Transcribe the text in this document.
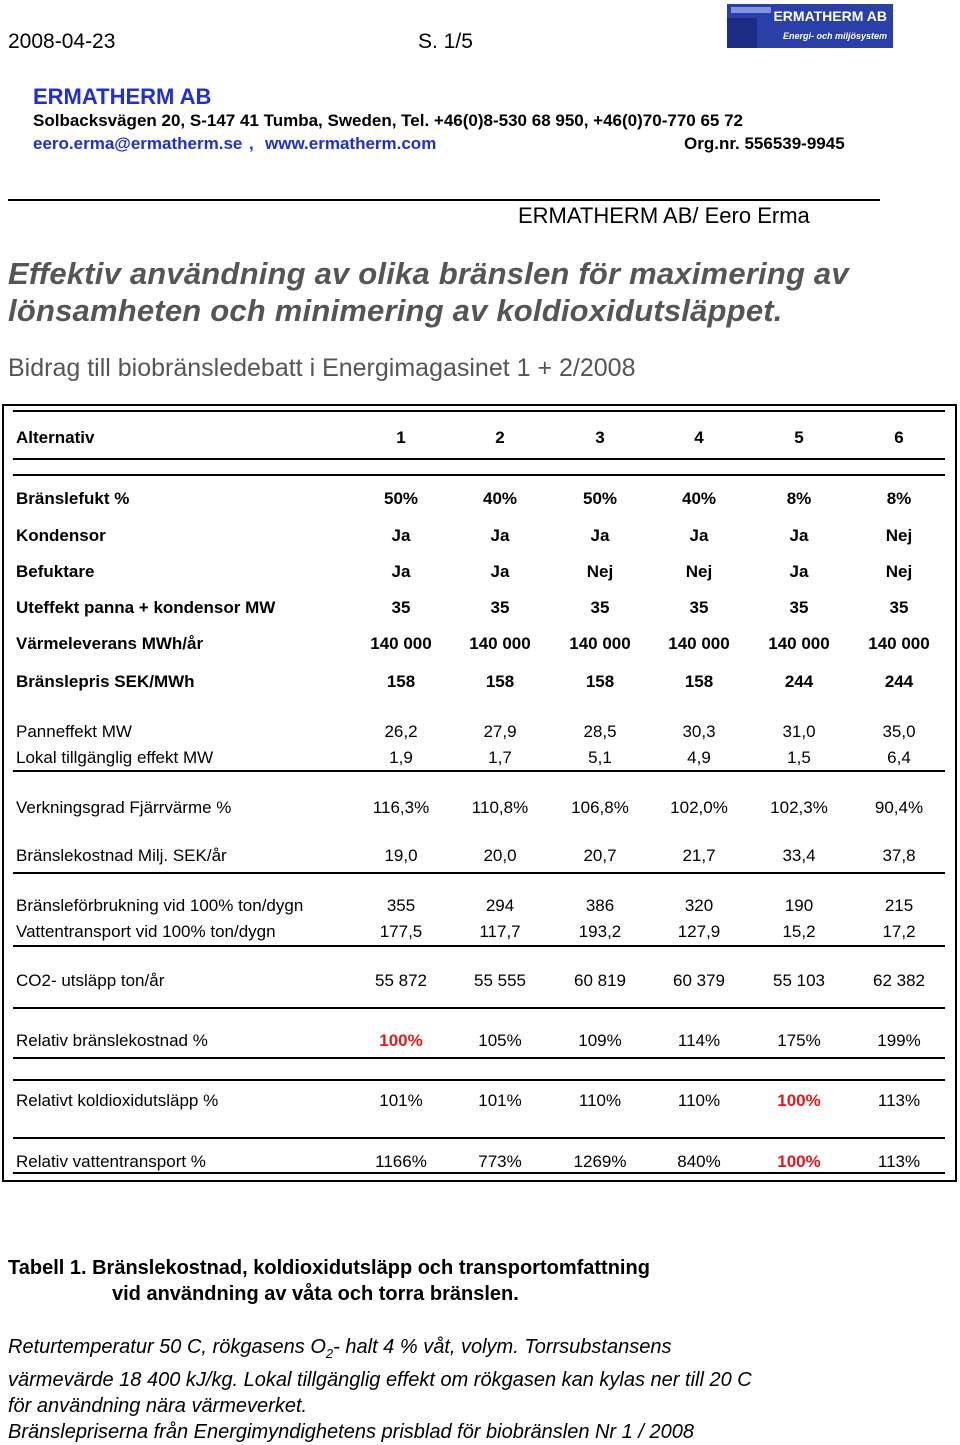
2008-04-23	S. 1/5
ERMATHERM AB
Energi- och miljösystem
ERMATHERM AB
Solbacksvägen 20, S-147 41 Tumba, Sweden, Tel. +46(0)8-530 68 950, +46(0)70-770 65 72
eero.erma@ermatherm.se , www.ermatherm.com	Org.nr. 556539-9945
ERMATHERM AB/ Eero Erma
Effektiv användning av olika bränslen för maximering av lönsamheten och minimering av koldioxidutsläppet.
Bidrag till biobränsledebatt i Energimagasinet 1 + 2/2008
Alternativ	1	2	3	4	5	6
Bränslefukt %	50%	40%	50%	40%	8%	8%
Kondensor	Ja	Ja	Ja	Ja	Ja	Nej
Befuktare	Ja	Ja	Nej	Nej	Ja	Nej
Uteffekt panna + kondensor MW	35	35	35	35	35	35
Värmeleverans MWh/år	140 000	140 000	140 000	140 000	140 000	140 000
Bränslepris SEK/MWh	158	158	158	158	244	244
Panneffekt MW	26,2	27,9	28,5	30,3	31,0	35,0
Lokal tillgänglig effekt MW	1,9	1,7	5,1	4,9	1,5	6,4
Verkningsgrad Fjärrvärme %	116,3%	110,8%	106,8%	102,0%	102,3%	90,4%
Bränslekostnad Milj. SEK/år	19,0	20,0	20,7	21,7	33,4	37,8
Bränsleförbrukning vid 100% ton/dygn	355	294	386	320	190	215
Vattentransport vid 100% ton/dygn	177,5	117,7	193,2	127,9	15,2	17,2
CO2- utsläpp ton/år	55 872	55 555	60 819	60 379	55 103	62 382
Relativ bränslekostnad %	100%	105%	109%	114%	175%	199%
Relativt koldioxidutsläpp %	101%	101%	110%	110%	100%	113%
Relativ vattentransport %	1166%	773%	1269%	840%	100%	113%
Tabell 1. Bränslekostnad, koldioxidutsläpp och transportomfattning
vid användning av våta och torra bränslen.
Returtemperatur 50 C, rökgasens $O_2-$ halt 4 % våt, volym. Torrsubstansens
värmevärde 18 400 kJ/kg. Lokal tillgänglig effekt om rökgasen kan kylas ner till 20 C
för användning nära värmeverket.
Bränslepriserna från Energimyndighetens prisblad för biobränslen Nr 1 / 2008
